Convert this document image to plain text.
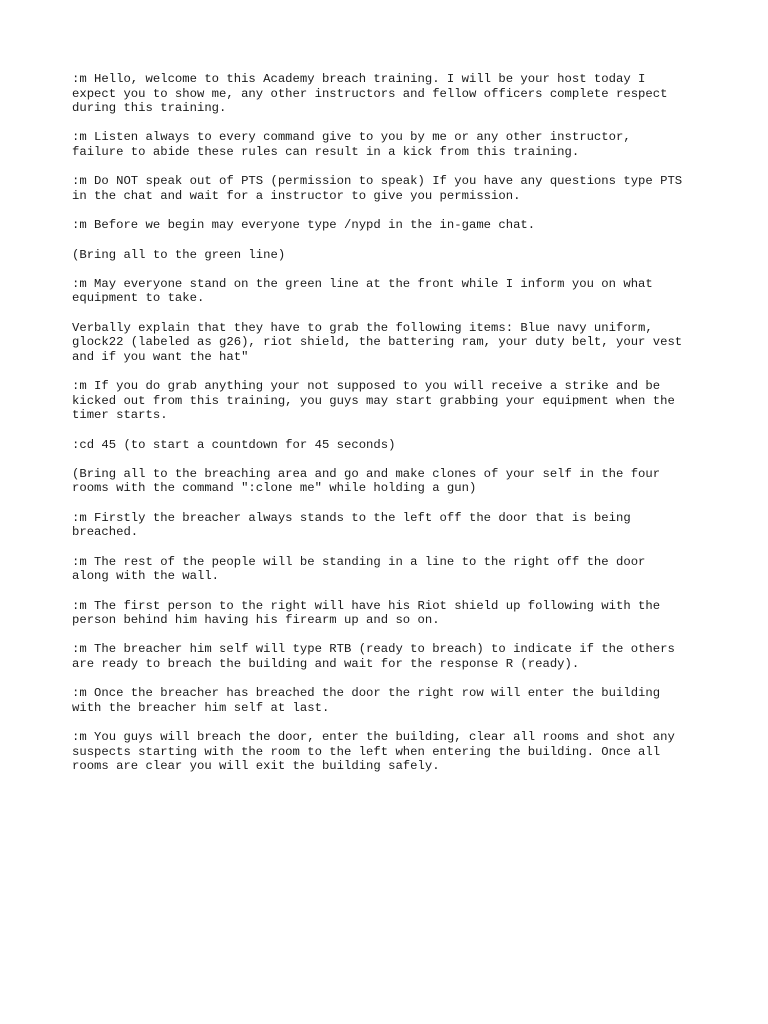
:m Hello, welcome to this Academy breach training. I will be your host today I
expect you to show me, any other instructors and fellow officers complete respect
during this training.

:m Listen always to every command give to you by me or any other instructor,
failure to abide these rules can result in a kick from this training.

:m Do NOT speak out of PTS (permission to speak) If you have any questions type PTS
in the chat and wait for a instructor to give you permission.

:m Before we begin may everyone type /nypd in the in-game chat.

(Bring all to the green line)

:m May everyone stand on the green line at the front while I inform you on what
equipment to take.

Verbally explain that they have to grab the following items: Blue navy uniform,
glock22 (labeled as g26), riot shield, the battering ram, your duty belt, your vest
and if you want the hat"

:m If you do grab anything your not supposed to you will receive a strike and be
kicked out from this training, you guys may start grabbing your equipment when the
timer starts.

:cd 45 (to start a countdown for 45 seconds)

(Bring all to the breaching area and go and make clones of your self in the four
rooms with the command ":clone me" while holding a gun)

:m Firstly the breacher always stands to the left off the door that is being
breached.

:m The rest of the people will be standing in a line to the right off the door
along with the wall.

:m The first person to the right will have his Riot shield up following with the
person behind him having his firearm up and so on.

:m The breacher him self will type RTB (ready to breach) to indicate if the others
are ready to breach the building and wait for the response R (ready).

:m Once the breacher has breached the door the right row will enter the building
with the breacher him self at last.

:m You guys will breach the door, enter the building, clear all rooms and shot any
suspects starting with the room to the left when entering the building. Once all
rooms are clear you will exit the building safely.
